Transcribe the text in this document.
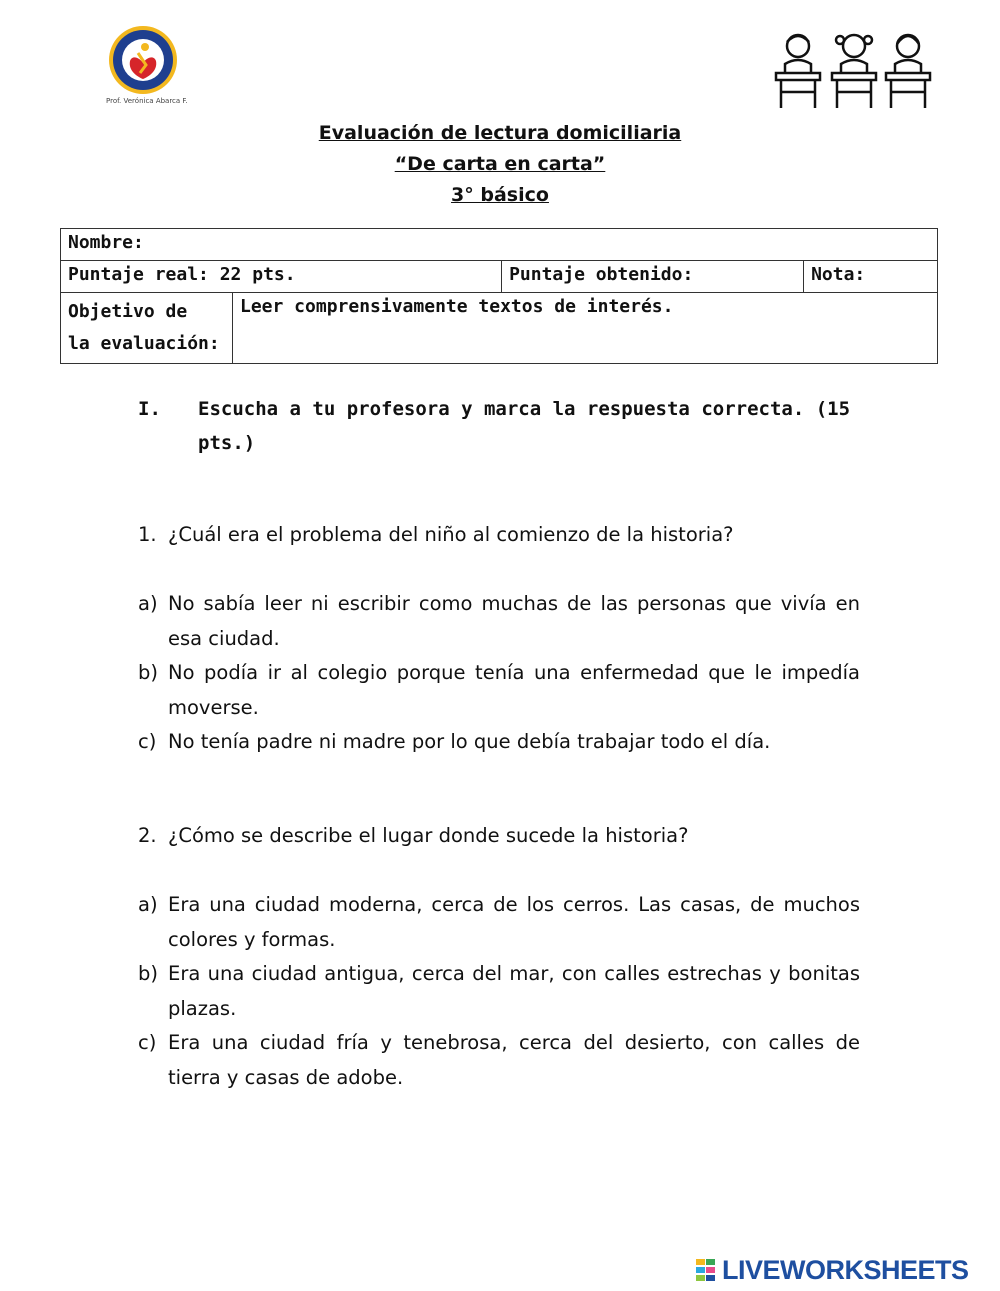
Prof. Verónica Abarca F.
Evaluación de lectura domiciliaria
“De carta en carta”
3° básico
Nombre:			
Puntaje real: 22 pts.		Puntaje obtenido:	Nota:
Objetivo de
la evaluación:	Leer comprensivamente textos de interés.		
I. Escucha a tu profesora y marca la respuesta correcta. (15 pts.)
1. ¿Cuál era el problema del niño al comienzo de la historia?
a) No sabía leer ni escribir como muchas de las personas que vivía en esa ciudad.
b) No podía ir al colegio porque tenía una enfermedad que le impedía moverse.
c) No tenía padre ni madre por lo que debía trabajar todo el día.
2. ¿Cómo se describe el lugar donde sucede la historia?
a) Era una ciudad moderna, cerca de los cerros. Las casas, de muchos colores y formas.
b) Era una ciudad antigua, cerca del mar, con calles estrechas y bonitas plazas.
c) Era una ciudad fría y tenebrosa, cerca del desierto, con calles de tierra y casas de adobe.
LIVEWORKSHEETS
